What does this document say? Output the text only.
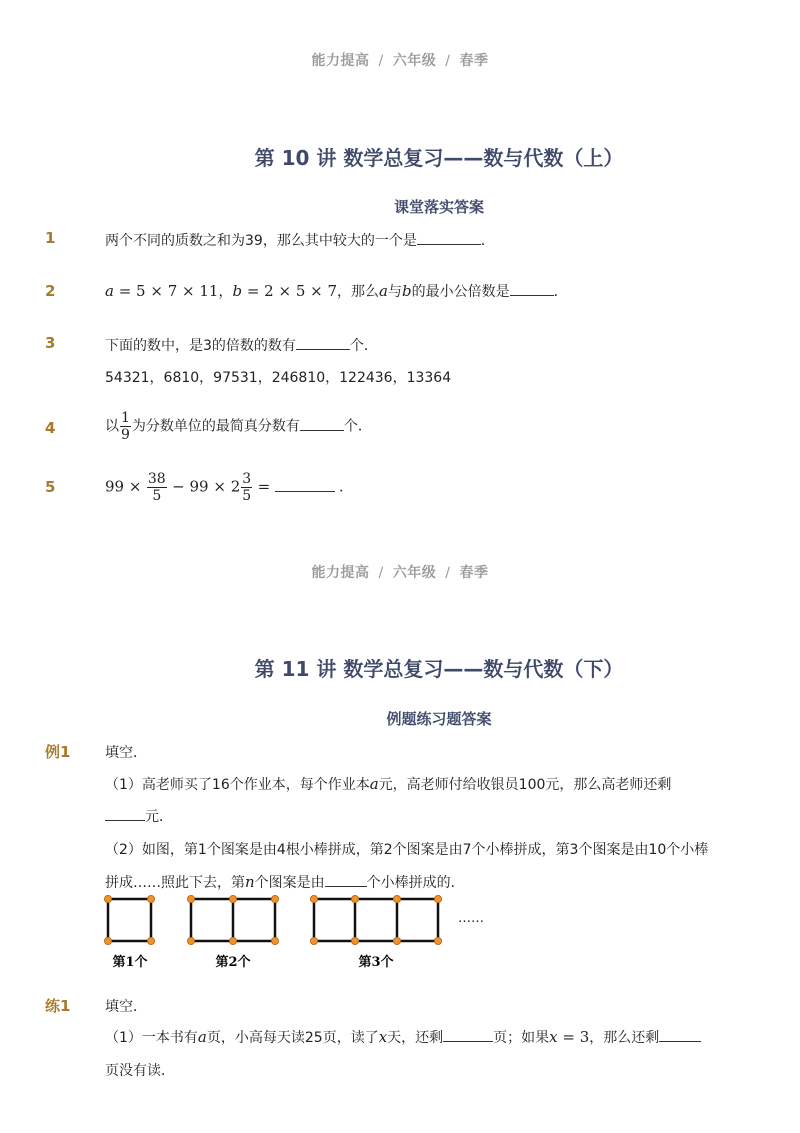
能力提高 / 六年级 / 春季
第 10 讲 数学总复习——数与代数（上）
课堂落实答案
1	两个不同的质数之和为39，那么其中较大的一个是	．
2	a = 5 × 7 × 11，b = 2 × 5 × 7，那么a与b的最小公倍数是	．
3	下面的数中，是3的倍数的数有	个．
54321，6810，97531，246810，122436，13364
4	以 $\frac{1}{9}$ 为分数单位的最简真分数有	个．
5	$99 \times \frac{38}{5} - 99 \times 2 \frac{3}{5}$ =	．
能力提高 / 六年级 / 春季
第 11 讲 数学总复习——数与代数（下）
例题练习题答案
例1 填空．
（1）高老师买了16个作业本，每个作业本a元，高老师付给收银员100元，那么高老师还剩
元．
（2）如图，第1个图案是由4根小棒拼成，第2个图案是由7个小棒拼成，第3个图案是由10个小棒
拼成……照此下去，第n个图案是由	个小棒拼成的．
第1个	第2个	第3个
……
练1 填空．
（1）一本书有a页，小高每天读25页，读了x天，还剩	页；如果x = 3，那么还剩
页没有读．
